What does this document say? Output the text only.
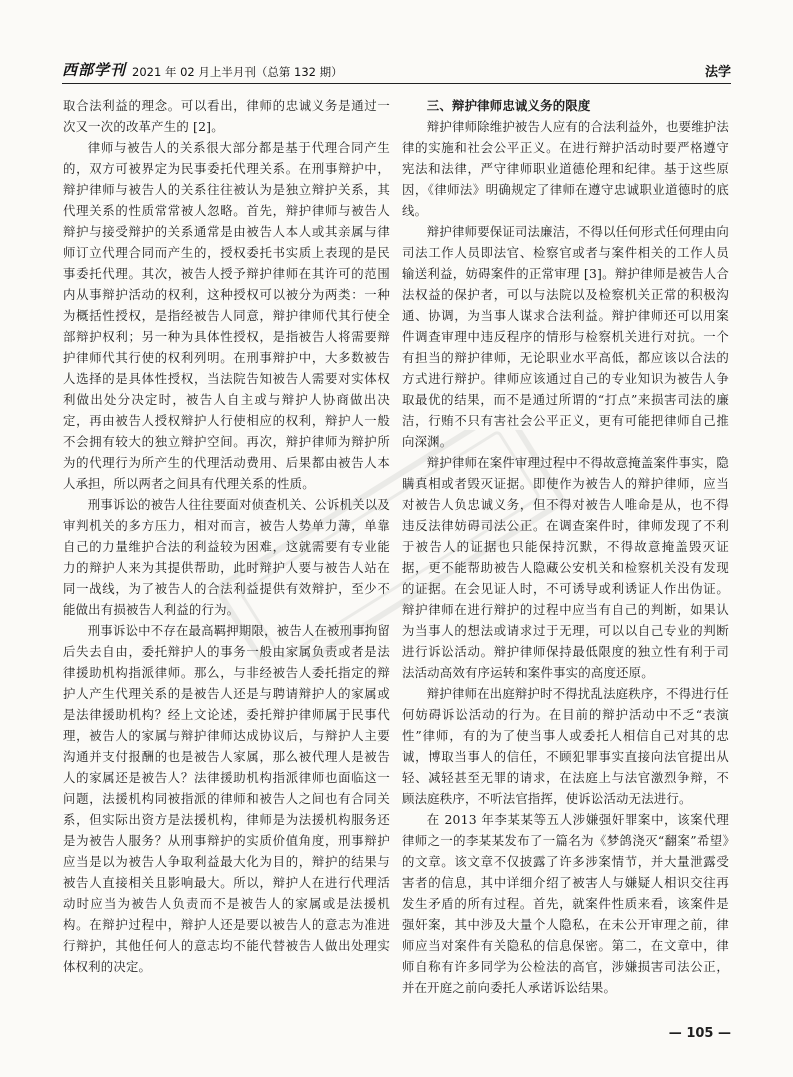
西部学刊 2021 年 02 月上半月刊（总第 132 期）	法学

取合法利益的理念。可以看出，律师的忠诚义务是通过一次又一次的改革产生的 [2]。

律师与被告人的关系很大部分都是基于代理合同产生的，双方可被界定为民事委托代理关系。在刑事辩护中，辩护律师与被告人的关系往往被认为是独立辩护关系，其代理关系的性质常常被人忽略。首先，辩护律师与被告人辩护与接受辩护的关系通常是由被告人本人或其亲属与律师订立代理合同而产生的，授权委托书实质上表现的是民事委托代理。其次，被告人授予辩护律师在其许可的范围内从事辩护活动的权利，这种授权可以被分为两类：一种为概括性授权，是指经被告人同意，辩护律师代其行使全部辩护权利；另一种为具体性授权，是指被告人将需要辩护律师代其行使的权利列明。在刑事辩护中，大多数被告人选择的是具体性授权，当法院告知被告人需要对实体权利做出处分决定时，被告人自主或与辩护人协商做出决定，再由被告人授权辩护人行使相应的权利，辩护人一般不会拥有较大的独立辩护空间。再次，辩护律师为辩护所为的代理行为所产生的代理活动费用、后果都由被告人本人承担，所以两者之间具有代理关系的性质。

刑事诉讼的被告人往往要面对侦查机关、公诉机关以及审判机关的多方压力，相对而言，被告人势单力薄，单靠自己的力量维护合法的利益较为困难，这就需要有专业能力的辩护人来为其提供帮助，此时辩护人要与被告人站在同一战线，为了被告人的合法利益提供有效辩护，至少不能做出有损被告人利益的行为。

刑事诉讼中不存在最高羁押期限，被告人在被刑事拘留后失去自由，委托辩护人的事务一般由家属负责或者是法律援助机构指派律师。那么，与非经被告人委托指定的辩护人产生代理关系的是被告人还是与聘请辩护人的家属或是法律援助机构？经上文论述，委托辩护律师属于民事代理，被告人的家属与辩护律师达成协议后，与辩护人主要沟通并支付报酬的也是被告人家属，那么被代理人是被告人的家属还是被告人？法律援助机构指派律师也面临这一问题，法援机构同被指派的律师和被告人之间也有合同关系，但实际出资方是法援机构，律师是为法援机构服务还是为被告人服务？从刑事辩护的实质价值角度，刑事辩护应当是以为被告人争取利益最大化为目的，辩护的结果与被告人直接相关且影响最大。所以，辩护人在进行代理活动时应当为被告人负责而不是被告人的家属或是法援机构。在辩护过程中，辩护人还是要以被告人的意志为准进行辩护，其他任何人的意志均不能代替被告人做出处理实体权利的决定。

三、辩护律师忠诚义务的限度

辩护律师除维护被告人应有的合法利益外，也要维护法律的实施和社会公平正义。在进行辩护活动时要严格遵守宪法和法律，严守律师职业道德伦理和纪律。基于这些原因，《律师法》明确规定了律师在遵守忠诚职业道德时的底线。

辩护律师要保证司法廉洁，不得以任何形式任何理由向司法工作人员即法官、检察官或者与案件相关的工作人员输送利益，妨碍案件的正常审理 [3]。辩护律师是被告人合法权益的保护者，可以与法院以及检察机关正常的积极沟通、协调，为当事人谋求合法利益。辩护律师还可以用案件调查审理中违反程序的情形与检察机关进行对抗。一个有担当的辩护律师，无论职业水平高低，都应该以合法的方式进行辩护。律师应该通过自己的专业知识为被告人争取最优的结果，而不是通过所谓的“打点”来损害司法的廉洁，行贿不只有害社会公平正义，更有可能把律师自己推向深渊。

辩护律师在案件审理过程中不得故意掩盖案件事实，隐瞒真相或者毁灭证据。即使作为被告人的辩护律师，应当对被告人负忠诚义务，但不得对被告人唯命是从，也不得违反法律妨碍司法公正。在调查案件时，律师发现了不利于被告人的证据也只能保持沉默，不得故意掩盖毁灭证据，更不能帮助被告人隐藏公安机关和检察机关没有发现的证据。在会见证人时，不可诱导或利诱证人作出伪证。辩护律师在进行辩护的过程中应当有自己的判断，如果认为当事人的想法或请求过于无理，可以以自己专业的判断进行诉讼活动。辩护律师保持最低限度的独立性有利于司法活动高效有序运转和案件事实的高度还原。

辩护律师在出庭辩护时不得扰乱法庭秩序，不得进行任何妨碍诉讼活动的行为。在目前的辩护活动中不乏“表演性”律师，有的为了使当事人或委托人相信自己对其的忠诚，博取当事人的信任，不顾犯罪事实直接向法官提出从轻、减轻甚至无罪的请求，在法庭上与法官激烈争辩，不顾法庭秩序，不听法官指挥，使诉讼活动无法进行。

在 2013 年李某某等五人涉嫌强奸罪案中，该案代理律师之一的李某某发布了一篇名为《梦鸽浇灭“翻案”希望》的文章。该文章不仅披露了许多涉案情节，并大量泄露受害者的信息，其中详细介绍了被害人与嫌疑人相识交往再发生矛盾的所有过程。首先，就案件性质来看，该案件是强奸案，其中涉及大量个人隐私，在未公开审理之前，律师应当对案件有关隐私的信息保密。第二，在文章中，律师自称有许多同学为公检法的高官，涉嫌损害司法公正，并在开庭之前向委托人承诺诉讼结果。

— 105 —
